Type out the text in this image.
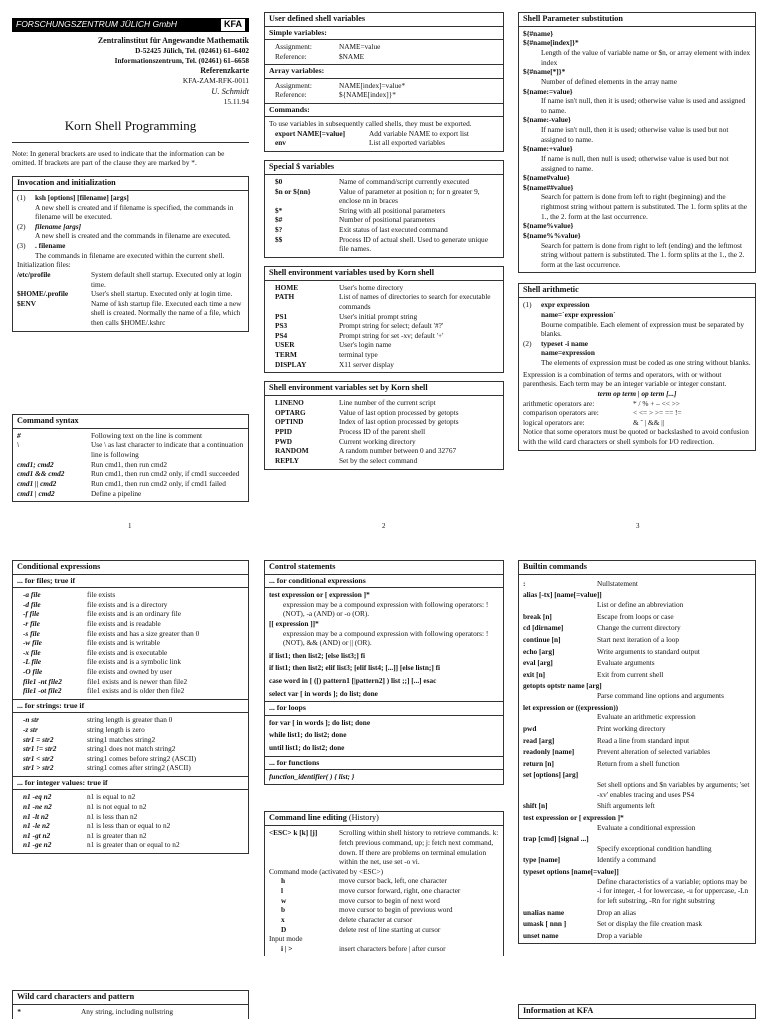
FORSCHUNGSZENTRUM JÜLICH GmbH	KFA
Zentralinstitut für Angewandte Mathematik
D-52425 Jülich, Tel. (02461) 61–6402
Informationszentrum, Tel. (02461) 61–6658
Referenzkarte
KFA-ZAM-RFK-0011
U. Schmidt
15.11.94
Korn Shell Programming
Note: In general brackets are used to indicate that the information can be omitted. If brackets are part of the clause they are marked by *.
Invocation and initialization
(1)	ksh [options] [filename] [args]
A new shell is created and if filename is specified, the commands in filename will be executed.
(2)	filename [args]
A new shell is created and the commands in filename are executed.
(3)	. filename
The commands in filename are executed within the current shell.
Initialization files:
/etc/profile	System default shell startup. Executed only at login time.
$HOME/.profile	User's shell startup. Executed only at login time.
$ENV	Name of ksh startup file. Executed each time a new shell is created. Normally the name of a file, which then calls $HOME/.kshrc
Command syntax
#	Following text on the line is comment
\	Use \ as last character to indicate that a continuation line is following
cmd1; cmd2	Run cmd1, then run cmd2
cmd1 && cmd2	Run cmd1, then run cmd2 only, if cmd1 succeeded
cmd1 || cmd2	Run cmd1, then run cmd2 only, if cmd1 failed
cmd1 | cmd2	Define a pipeline
1
User defined shell variables
Simple variables:
Assignment:	NAME=value
Reference:	$NAME
Array variables:
Assignment:	NAME[index]=value*
Reference:	${NAME[index]}*
Commands:
To use variables in subsequently called shells, they must be exported.
export NAME[=value]	Add variable NAME to export list
env	List all exported variables
Special $ variables
$0	Name of command/script currently executed
$n or ${nn}	Value of parameter at position n; for n greater 9, enclose nn in braces
$*	String with all positional parameters
$#	Number of positional parameters
$?	Exit status of last executed command
$$	Process ID of actual shell. Used to generate unique file names.
Shell environment variables used by Korn shell
HOME	User's home directory
PATH	List of names of directories to search for executable commands
PS1	User's initial prompt string
PS3	Prompt string for select; default '#?'
PS4	Prompt string for set -xv; default '+'
USER	User's login name
TERM	terminal type
DISPLAY	X11 server display
Shell environment variables set by Korn shell
LINENO	Line number of the current script
OPTARG	Value of last option processed by getopts
OPTIND	Index of last option processed by getopts
PPID	Process ID of the parent shell
PWD	Current working directory
RANDOM	A random number between 0 and 32767
REPLY	Set by the select command
2
Shell Parameter substitution
${#name}
${#name[index]}*
Length of the value of variable name or $n, or array element with index index
${#name[*]}*
Number of defined elements in the array name
${name:=value}
If name isn't null, then it is used; otherwise value is used and assigned to name.
${name:-value}
If name isn't null, then it is used; otherwise value is used but not assigned to name.
${name:+value}
If name is null, then null is used; otherwise value is used but not assigned to name.
${name#value}
${name##value}
Search for pattern is done from left to right (beginning) and the rightmost string without pattern is substituted. The 1. form splits at the 1., the 2. form at the last occurrence.
${name%value}
${name%%value}
Search for pattern is done from right to left (ending) and the leftmost string without pattern is substituted. The 1. form splits at the 1., the 2. form at the last occurrence.
Shell arithmetic
(1)	expr expression
name=`expr expression`
Bourne compatible. Each element of expression must be separated by blanks.
(2)	typeset -i name
name=expression
The elements of expression must be coded as one string without blanks.
Expression is a combination of terms and operators, with or without parenthesis. Each term may be an integer variable or integer constant.
term op term | op term [...]
arithmetic operators are:	* / % + – << >>
comparison operators are:	< <= > >= == !=
logical operators are:	& ˆ | && ||
Notice that some operators must be quoted or backslashed to avoid confusion with the wild card characters or shell symbols for I/O redirection.
3
Conditional expressions
... for files; true if
-a file	file exists
-d file	file exists and is a directory
-f file	file exists and is an ordinary file
-r file	file exists and is readable
-s file	file exists and has a size greater than 0
-w file	file exists and is writable
-x file	file exists and is executable
-L file	file exists and is a symbolic link
-O file	file exists and owned by user
file1 -nt file2	file1 exists and is newer than file2
file1 -ot file2	file1 exists and is older then file2
... for strings: true if
-n str	string length is greater than 0
-z str	string length is zero
str1 = str2	string1 matches string2
str1 != str2	string1 does not match string2
str1 < str2	string1 comes before string2 (ASCII)
str1 > str2	string1 comes after string2 (ASCII)
... for integer values: true if
n1 -eq n2	n1 is equal to n2
n1 -ne n2	n1 is not equal to n2
n1 -lt n2	n1 is less than n2
n1 -le n2	n1 is less than or equal to n2
n1 -gt n2	n1 is greater than n2
n1 -ge n2	n1 is greater than or equal to n2
Wild card characters and pattern
*	Any string, including nullstring
Control statements
... for conditional expressions
test expression or [ expression ]*
expression may be a compound expression with following operators: ! (NOT), -a (AND) or -o (OR).
[[ expression ]]*
expression may be a compound expression with following operators: ! (NOT), && (AND) or || (OR).
if list1; then list2; [else list3;] fi
if list1; then list2; elif list3; [elif list4; [...]] [else listn;] fi
case word in [ ([) pattern1 [|pattern2] ) list ;;] [...] esac
select var [ in words ]; do list; done
... for loops
for var [ in words ]; do list; done
while list1; do list2; done
until list1; do list2; done
... for functions
function_identifier( ) { list; }
Command line editing (History)
<ESC> k [k] [j]	Scrolling within shell history to retrieve commands. k: fetch previous command, up; j: fetch next command, down. If there are problems on terminal emulation within the net, use set -o vi.
Command mode (activated by <ESC>)
h	move cursor back, left, one character
l	move cursor forward, right, one character
w	move cursor to begin of next word
b	move cursor to begin of previous word
x	delete character at cursor
D	delete rest of line starting at cursor
Input mode
i | >	insert characters before | after cursor
Builtin commands
:	Nullstatement
alias [-tx] [name[=value]]
List or define an abbreviation
break [n]	Escape from loops or case
cd [dirname]	Change the current directory
continue [n]	Start next iteration of a loop
echo [arg]	Write arguments to standard output
eval [arg]	Evaluate arguments
exit [n]	Exit from current shell
getopts optstr name [arg]
Parse command line options and arguments
let expression or ((expression))
Evaluate an arithmetic expression
pwd	Print working directory
read [arg]	Read a line from standard input
readonly [name]	Prevent alteration of selected variables
return [n]	Return from a shell function
set [options] [arg]
Set shell options and $n variables by arguments; 'set -xv' enables tracing and uses PS4
shift [n]	Shift arguments left
test expression or [ expression ]*
Evaluate a conditional expression
trap [cmd] [signal ...]
Specify exceptional condition handling
type [name]	Identify a command
typeset options [name[=value]]
Define characteristics of a variable; options may be -i for integer, -l for lowercase, -u for uppercase, -Ln for left substring, -Rn for right substring
unalias name	Drop an alias
umask [ nnn ]	Set or display the file creation mask
unset name	Drop a variable
Information at KFA
